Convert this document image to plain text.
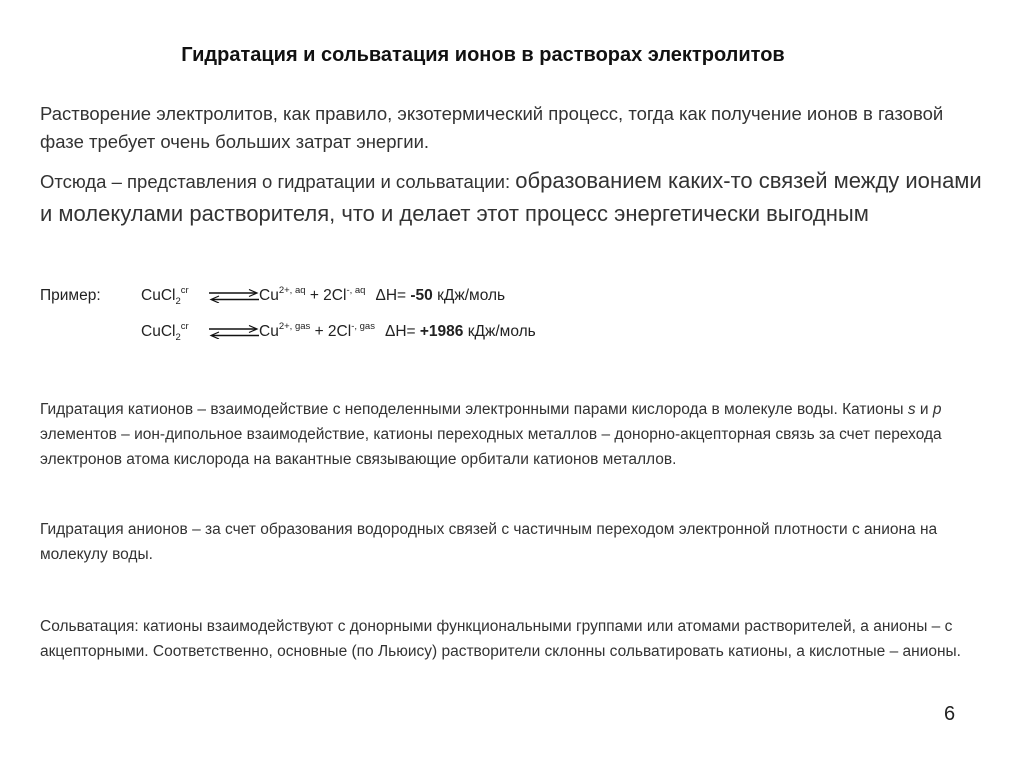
Гидратация и сольватация ионов в растворах электролитов

Растворение электролитов, как правило, экзотермический процесс, тогда как получение ионов в газовой фазе требует очень больших затрат энергии.

Отсюда – представления о гидратации и сольватации: образованием каких-то связей между ионами и молекулами растворителя, что и делает этот процесс энергетически выгодным

Пример:	CuCl$_2^{cr}$ $\rightleftharpoons Cu^{2+, aq} + 2Cl^{-, aq}$ ΔH= -50 кДж/моль
CuCl$_2^{cr}$ $\rightleftharpoons Cu^{2+, gas} + 2Cl^{-, gas}$ ΔH= +1986 кДж/моль

Гидратация катионов – взаимодействие с неподеленными электронными парами кислорода в молекуле воды. Катионы s и p элементов – ион-дипольное взаимодействие, катионы переходных металлов – донорно-акцепторная связь за счет перехода электронов атома кислорода на вакантные связывающие орбитали катионов металлов.

Гидратация анионов – за счет образования водородных связей с частичным переходом электронной плотности с аниона на молекулу воды.

Сольватация: катионы взаимодействуют с донорными функциональными группами или атомами растворителей, а анионы – с акцепторными. Соответственно, основные (по Льюису) растворители склонны сольватировать катионы, а кислотные – анионы.

6
